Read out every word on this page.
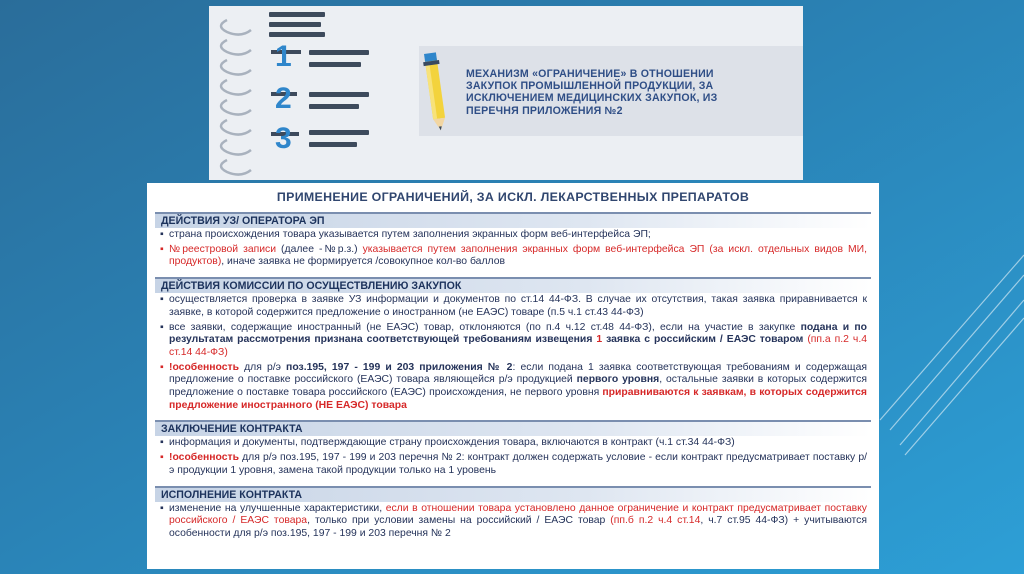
1
2
3
МЕХАНИЗМ «ОГРАНИЧЕНИЕ» В ОТНОШЕНИИ ЗАКУПОК ПРОМЫШЛЕННОЙ ПРОДУКЦИИ, ЗА ИСКЛЮЧЕНИЕМ МЕДИЦИНСКИХ ЗАКУПОК, ИЗ ПЕРЕЧНЯ ПРИЛОЖЕНИЯ №2
ПРИМЕНЕНИЕ ОГРАНИЧЕНИЙ, ЗА ИСКЛ. ЛЕКАРСТВЕННЫХ ПРЕПАРАТОВ
ДЕЙСТВИЯ УЗ/ ОПЕРАТОРА ЭП
▪ страна происхождения товара указывается путем заполнения экранных форм веб-интерфейса ЭП;
▪ №реестровой записи (далее -№р.з.) указывается путем заполнения экранных форм веб-интерфейса ЭП (за искл. отдельных видов МИ, продуктов), иначе заявка не формируется /совокупное кол-во баллов
ДЕЙСТВИЯ КОМИССИИ ПО ОСУЩЕСТВЛЕНИЮ ЗАКУПОК
▪ осуществляется проверка в заявке УЗ информации и документов по ст.14 44-ФЗ. В случае их отсутствия, такая заявка приравнивается к заявке, в которой содержится предложение о иностранном (не ЕАЭС) товаре (п.5 ч.1 ст.43 44-ФЗ)
▪ все заявки, содержащие иностранный (не ЕАЭС) товар, отклоняются (по п.4 ч.12 ст.48 44-ФЗ), если на участие в закупке подана и по результатам рассмотрения признана соответствующей требованиям извещения 1 заявка с российским / ЕАЭС товаром (пп.а п.2 ч.4 ст.14 44-ФЗ)
▪ !особенность для р/э поз.195, 197 - 199 и 203 приложения № 2: если подана 1 заявка соответствующая требованиям и содержащая предложение о поставке российского (ЕАЭС) товара являющейся р/э продукцией первого уровня, остальные заявки в которых содержится предложение о поставке товара российского (ЕАЭС) происхождения, не первого уровня приравниваются к заявкам, в которых содержится предложение иностранного (НЕ ЕАЭС) товара
ЗАКЛЮЧЕНИЕ КОНТРАКТА
▪ информация и документы, подтверждающие страну происхождения товара, включаются в контракт (ч.1 ст.34 44-ФЗ)
▪ !особенность для р/э поз.195, 197 - 199 и 203 перечня № 2: контракт должен содержать условие - если контракт предусматривает поставку р/э продукции 1 уровня, замена такой продукции только на 1 уровень
ИСПОЛНЕНИЕ КОНТРАКТА
▪ изменение на улучшенные характеристики, если в отношении товара установлено данное ограничение и контракт предусматривает поставку российского / ЕАЭС товара, только при условии замены на российский / ЕАЭС товар (пп.б п.2 ч.4 ст.14, ч.7 ст.95 44-ФЗ) + учитываются особенности для р/э поз.195, 197 - 199 и 203 перечня № 2
